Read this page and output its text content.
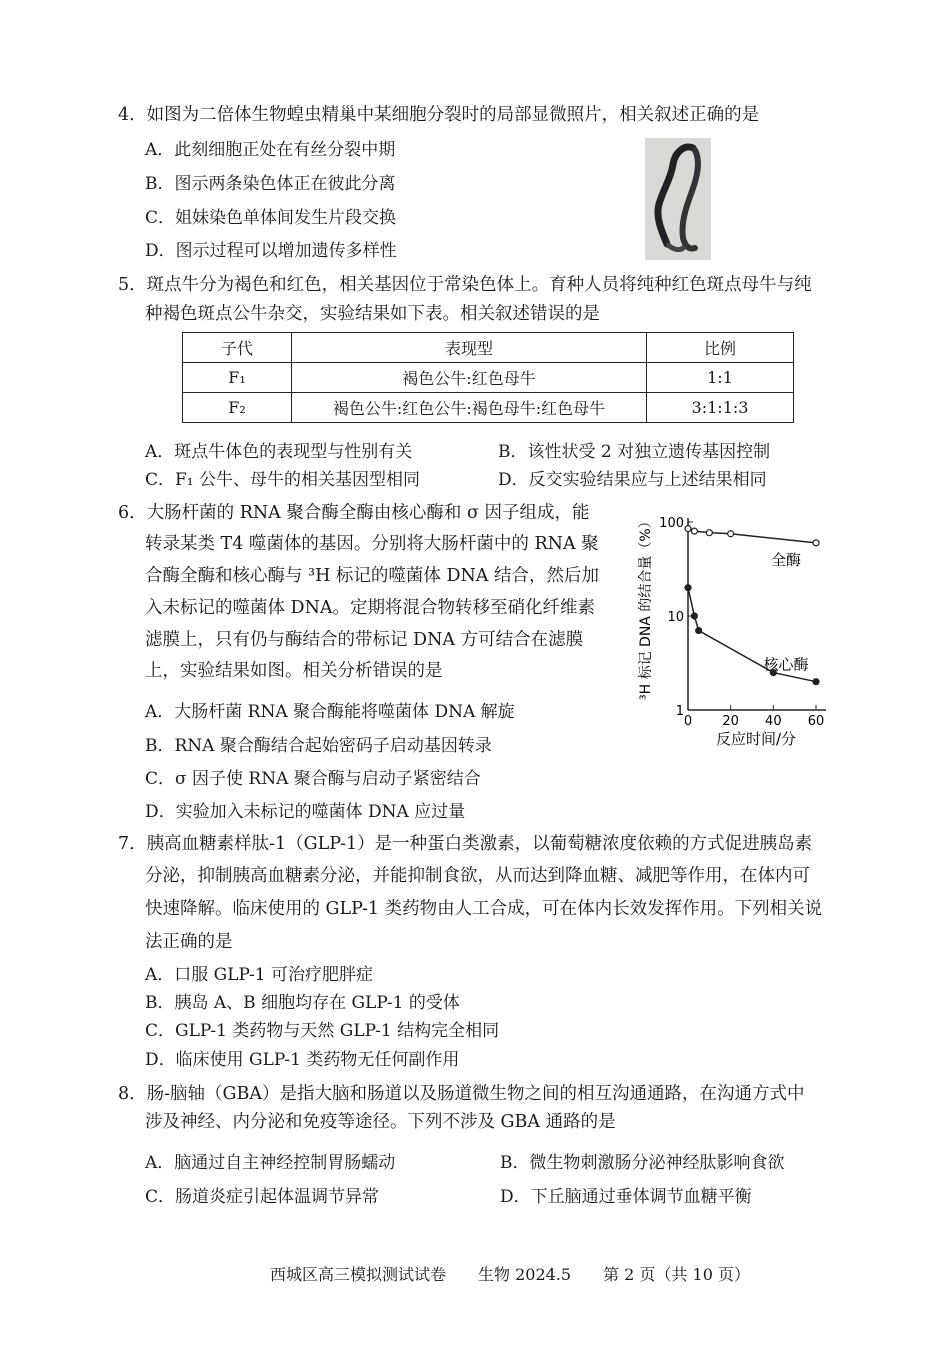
4．如图为二倍体生物蝗虫精巢中某细胞分裂时的局部显微照片，相关叙述正确的是
A．此刻细胞正处在有丝分裂中期
B．图示两条染色体正在彼此分离
C．姐妹染色单体间发生片段交换
D．图示过程可以增加遗传多样性
5．斑点牛分为褐色和红色，相关基因位于常染色体上。育种人员将纯种红色斑点母牛与纯
种褐色斑点公牛杂交，实验结果如下表。相关叙述错误的是
子代	表现型	比例
F₁	褐色公牛:红色母牛	1:1
F₂	褐色公牛:红色公牛:褐色母牛:红色母牛	3:1:1:3
A．斑点牛体色的表现型与性别有关	B．该性状受 2 对独立遗传基因控制
C．F₁ 公牛、母牛的相关基因型相同	D．反交实验结果应与上述结果相同
6．大肠杆菌的 RNA 聚合酶全酶由核心酶和 σ 因子组成，能
转录某类 T4 噬菌体的基因。分别将大肠杆菌中的 RNA 聚
合酶全酶和核心酶与 ³H 标记的噬菌体 DNA 结合，然后加
入未标记的噬菌体 DNA。定期将混合物转移至硝化纤维素
滤膜上，只有仍与酶结合的带标记 DNA 方可结合在滤膜
上，实验结果如图。相关分析错误的是
A．大肠杆菌 RNA 聚合酶能将噬菌体 DNA 解旋
B．RNA 聚合酶结合起始密码子启动基因转录
C．σ 因子使 RNA 聚合酶与启动子紧密结合
D．实验加入未标记的噬菌体 DNA 应过量
³H 标记 DNA 的结合量（%）
反应时间/分
0 20 40 60
1
10
100
全酶
核心酶
7．胰高血糖素样肽-1（GLP-1）是一种蛋白类激素，以葡萄糖浓度依赖的方式促进胰岛素
分泌，抑制胰高血糖素分泌，并能抑制食欲，从而达到降血糖、减肥等作用，在体内可
快速降解。临床使用的 GLP-1 类药物由人工合成，可在体内长效发挥作用。下列相关说
法正确的是
A．口服 GLP-1 可治疗肥胖症
B．胰岛 A、B 细胞均存在 GLP-1 的受体
C．GLP-1 类药物与天然 GLP-1 结构完全相同
D．临床使用 GLP-1 类药物无任何副作用
8．肠-脑轴（GBA）是指大脑和肠道以及肠道微生物之间的相互沟通通路，在沟通方式中
涉及神经、内分泌和免疫等途径。下列不涉及 GBA 通路的是
A．脑通过自主神经控制胃肠蠕动	B．微生物刺激肠分泌神经肽影响食欲
C．肠道炎症引起体温调节异常	D．下丘脑通过垂体调节血糖平衡
西城区高三模拟测试试卷　　生物 2024.5　　第 2 页（共 10 页）
